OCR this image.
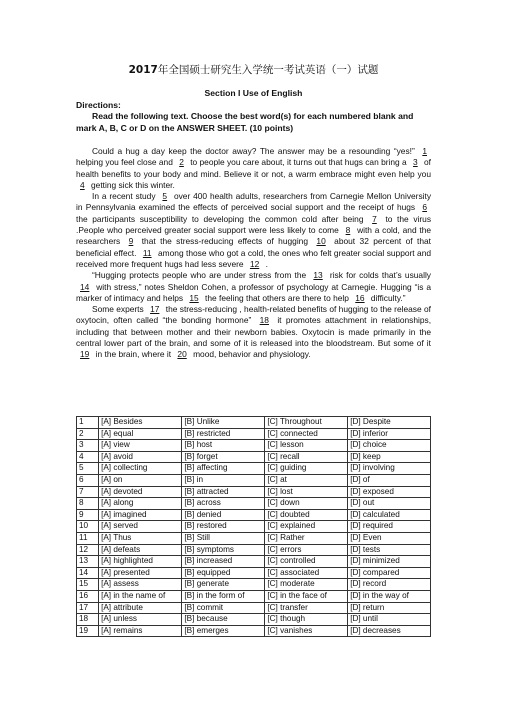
2017年全国硕士研究生入学统一考试英语（一）试题
Section I Use of English
Directions:
Read the following text. Choose the best word(s) for each numbered blank and mark A, B, C or D on the ANSWER SHEET. (10 points)

Could a hug a day keep the doctor away? The answer may be a resounding “yes!” 1 helping you feel close and 2 to people you care about, it turns out that hugs can bring a 3 of health benefits to your body and mind. Believe it or not, a warm embrace might even help you 4 getting sick this winter.

In a recent study 5 over 400 health adults, researchers from Carnegie Mellon University in Pennsylvania examined the effects of perceived social support and the receipt of hugs 6 the participants susceptibility to developing the common cold after being 7 to the virus .People who perceived greater social support were less likely to come 8 with a cold, and the researchers 9 that the stress-reducing effects of hugging 10 about 32 percent of that beneficial effect. 11 among those who got a cold, the ones who felt greater social support and received more frequent hugs had less severe 12 .

“Hugging protects people who are under stress from the 13 risk for colds that’s usually 14 with stress,” notes Sheldon Cohen, a professor of psychology at Carnegie. Hugging “is a marker of intimacy and helps 15 the feeling that others are there to help 16 difficulty.”

Some experts 17 the stress-reducing , health-related benefits of hugging to the release of oxytocin, often called “the bonding hormone” 18 it promotes attachment in relationships, including that between mother and their newborn babies. Oxytocin is made primarily in the central lower part of the brain, and some of it is released into the bloodstream. But some of it 19 in the brain, where it 20 mood, behavior and physiology.

1	[A] Besides	[B] Unlike	[C] Throughout	[D] Despite
2	[A] equal	[B] restricted	[C] connected	[D] inferior
3	[A] view	[B] host	[C] lesson	[D] choice
4	[A] avoid	[B] forget	[C] recall	[D] keep
5	[A] collecting	[B] affecting	[C] guiding	[D] involving
6	[A] on	[B] in	[C] at	[D] of
7	[A] devoted	[B] attracted	[C] lost	[D] exposed
8	[A] along	[B] across	[C] down	[D] out
9	[A] imagined	[B] denied	[C] doubted	[D] calculated
10	[A] served	[B] restored	[C] explained	[D] required
11	[A] Thus	[B] Still	[C] Rather	[D] Even
12	[A] defeats	[B] symptoms	[C] errors	[D] tests
13	[A] highlighted	[B] increased	[C] controlled	[D] minimized
14	[A] presented	[B] equipped	[C] associated	[D] compared
15	[A] assess	[B] generate	[C] moderate	[D] record
16	[A] in the name of	[B] in the form of	[C] in the face of	[D] in the way of
17	[A] attribute	[B] commit	[C] transfer	[D] return
18	[A] unless	[B] because	[C] though	[D] until
19	[A] remains	[B] emerges	[C] vanishes	[D] decreases
